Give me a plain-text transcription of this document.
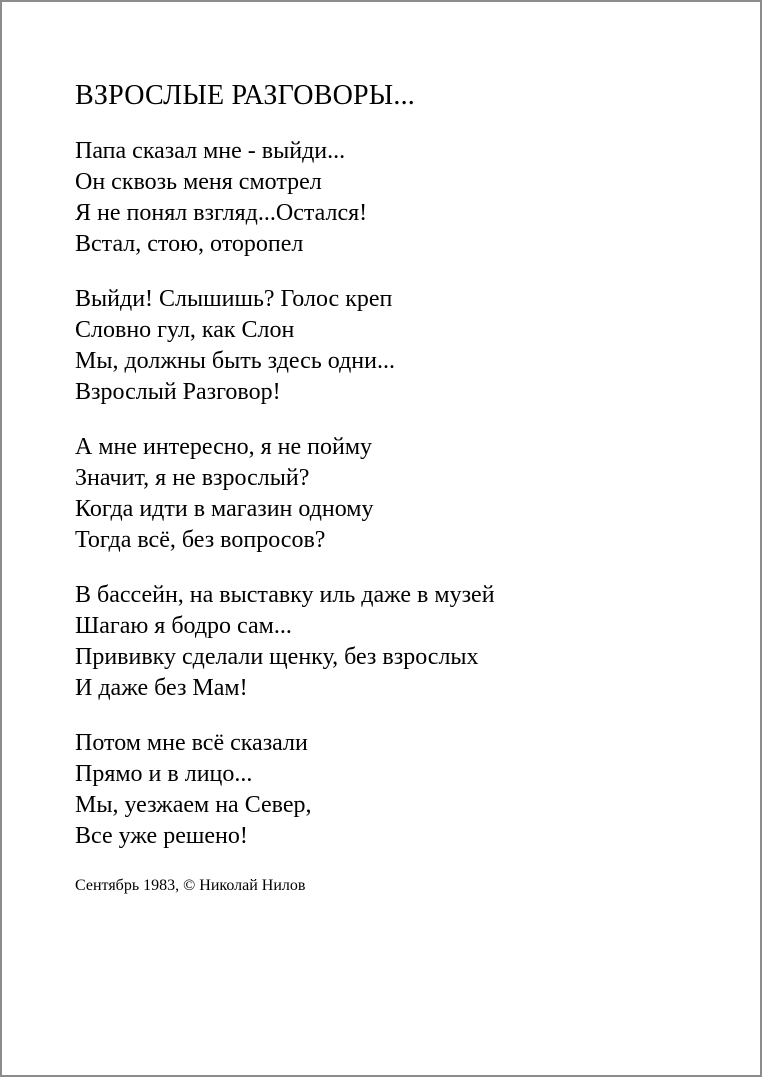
ВЗРОСЛЫЕ РАЗГОВОРЫ...
Папа сказал мне - выйди...
Он сквозь меня смотрел
Я не понял взгляд...Остался!
Встал, стою, оторопел
Выйди! Слышишь? Голос креп
Словно гул, как Слон
Мы, должны быть здесь одни...
Взрослый Разговор!
А мне интересно, я не пойму
Значит, я не взрослый?
Когда идти в магазин одному
Тогда всё, без вопросов?
В бассейн, на выставку иль даже в музей
Шагаю я бодро сам...
Прививку сделали щенку, без взрослых
И даже без Мам!
Потом мне всё сказали
Прямо и в лицо...
Мы, уезжаем на Север,
Все уже решено!
Сентябрь 1983, © Николай Нилов
